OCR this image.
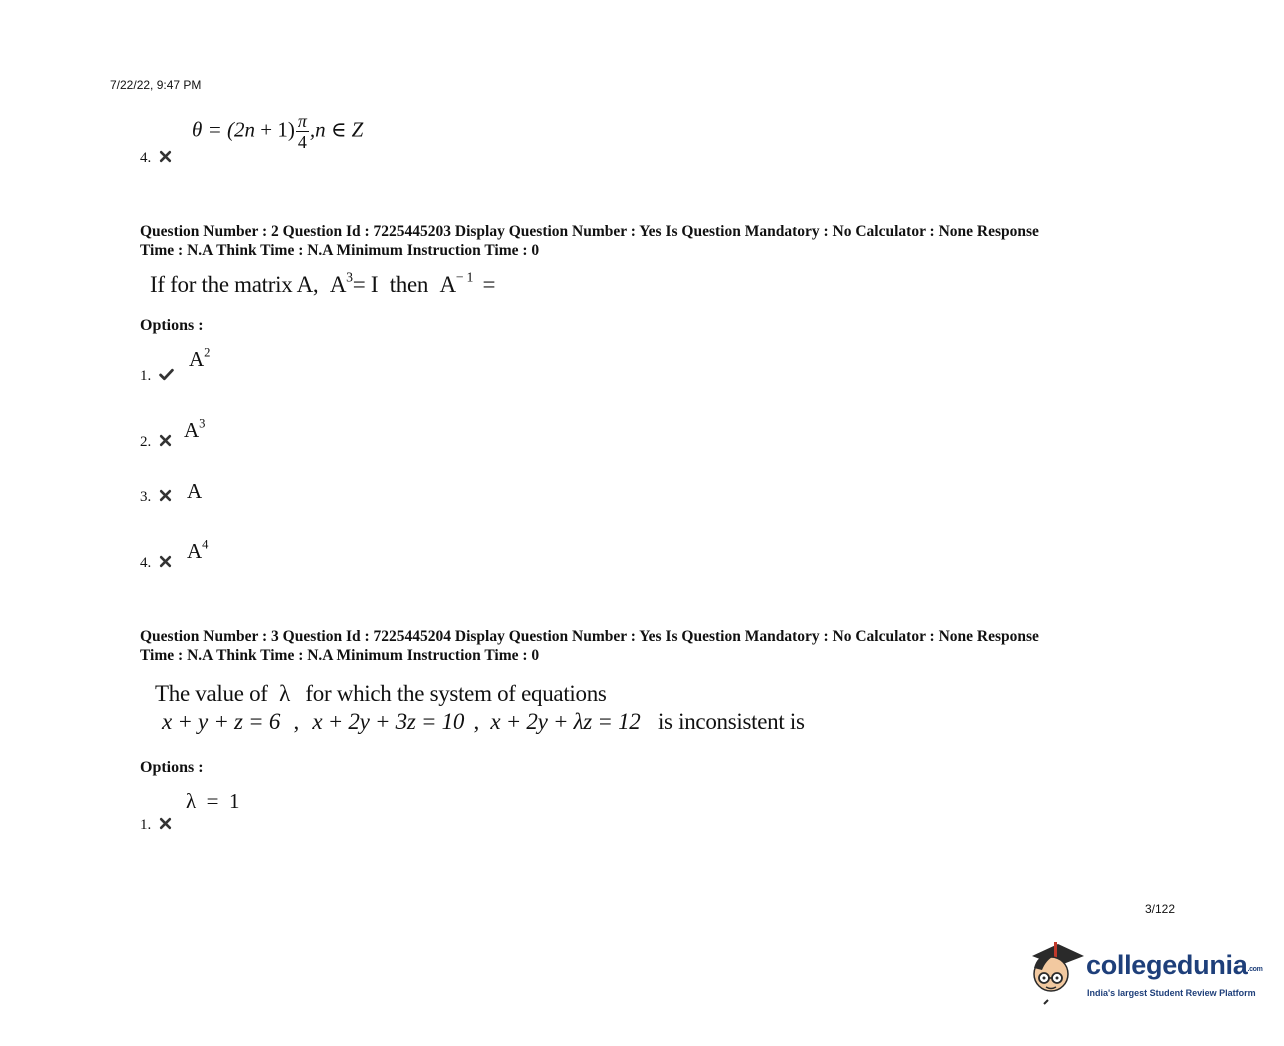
7/22/22, 9:47 PM
$\theta = (2n + 1) \frac{\pi}{4} ,n$ ∈ Z
4.
Question Number : 2 Question Id : 7225445203 Display Question Number : Yes Is Question Mandatory : No Calculator : None Response
Time : N.A Think Time : N.A Minimum Instruction Time : 0
If for the matrix A, $A^3= I$ then $A^{- 1}$ =
Options :
$A^2$
1.
$A^3$
2.
A
3.
$A^4$
4.
Question Number : 3 Question Id : 7225445204 Display Question Number : Yes Is Question Mandatory : No Calculator : None Response
Time : N.A Think Time : N.A Minimum Instruction Time : 0
The value of λ for which the system of equations
x + y + z = 6 , x + 2y + 3z = 10 , x + 2y + λz = 12 is inconsistent is
Options :
λ  =  1
1.
3/122
collegedunia.com
India's largest Student Review Platform
